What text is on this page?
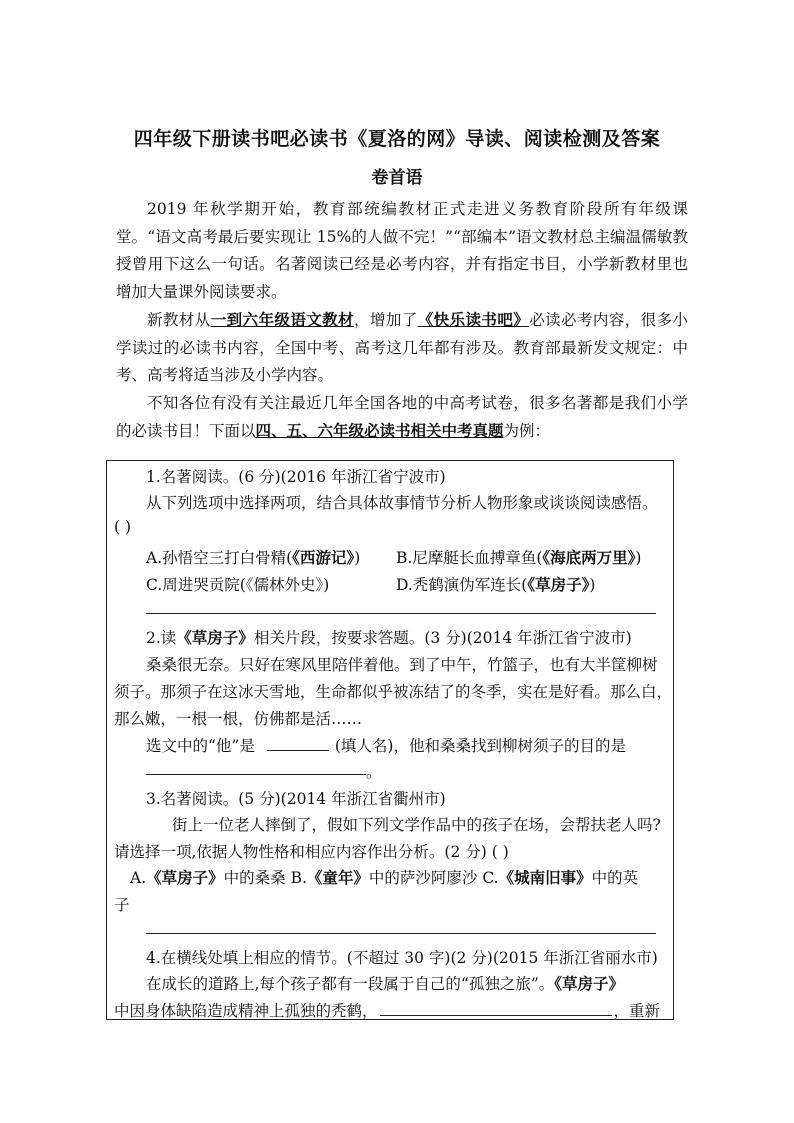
四年级下册读书吧必读书《夏洛的网》导读、阅读检测及答案
卷首语

2019 年秋学期开始，教育部统编教材正式走进义务教育阶段所有年级课堂。“语文高考最后要实现让 15%的人做不完！”“部编本”语文教材总主编温儒敏教授曾用下这么一句话。名著阅读已经是必考内容，并有指定书目，小学新教材里也增加大量课外阅读要求。

新教材从一到六年级语文教材，增加了《快乐读书吧》必读必考内容，很多小学读过的必读书内容，全国中考、高考这几年都有涉及。教育部最新发文规定：中考、高考将适当涉及小学内容。

不知各位有没有关注最近几年全国各地的中高考试卷，很多名著都是我们小学的必读书目！下面以四、五、六年级必读书相关中考真题为例：

1.名著阅读。(6 分)(2016 年浙江省宁波市)
从下列选项中选择两项，结合具体故事情节分析人物形象或谈谈阅读感悟。
( )
A.孙悟空三打白骨精(《西游记》) B.尼摩艇长血搏章鱼(《海底两万里》)
C.周进哭贡院(《儒林外史》)	D.秃鹤演伪军连长(《草房子》)
2.读《草房子》相关片段，按要求答题。(3 分)(2014 年浙江省宁波市)
桑桑很无奈。只好在寒风里陪伴着他。到了中午，竹篮子，也有大半筐柳树
须子。那须子在这冰天雪地，生命都似乎被冻结了的冬季，实在是好看。那么白，
那么嫩，一根一根，仿佛都是活……
选文中的“他”是	(填人名)，他和桑桑找到柳树须子的目的是
。
3.名著阅读。(5 分)(2014 年浙江省衢州市)
街上一位老人摔倒了，假如下列文学作品中的孩子在场，会帮扶老人吗?
请选择一项,依据人物性格和相应内容作出分析。(2 分) ( )
A.《草房子》中的桑桑 B.《童年》中的萨沙阿廖沙 C.《城南旧事》中的英
子
4.在横线处填上相应的情节。(不超过 30 字)(2 分)(2015 年浙江省丽水市)
在成长的道路上,每个孩子都有一段属于自己的“孤独之旅”。《草房子》
中因身体缺陷造成精神上孤独的秃鹤，	，重新
